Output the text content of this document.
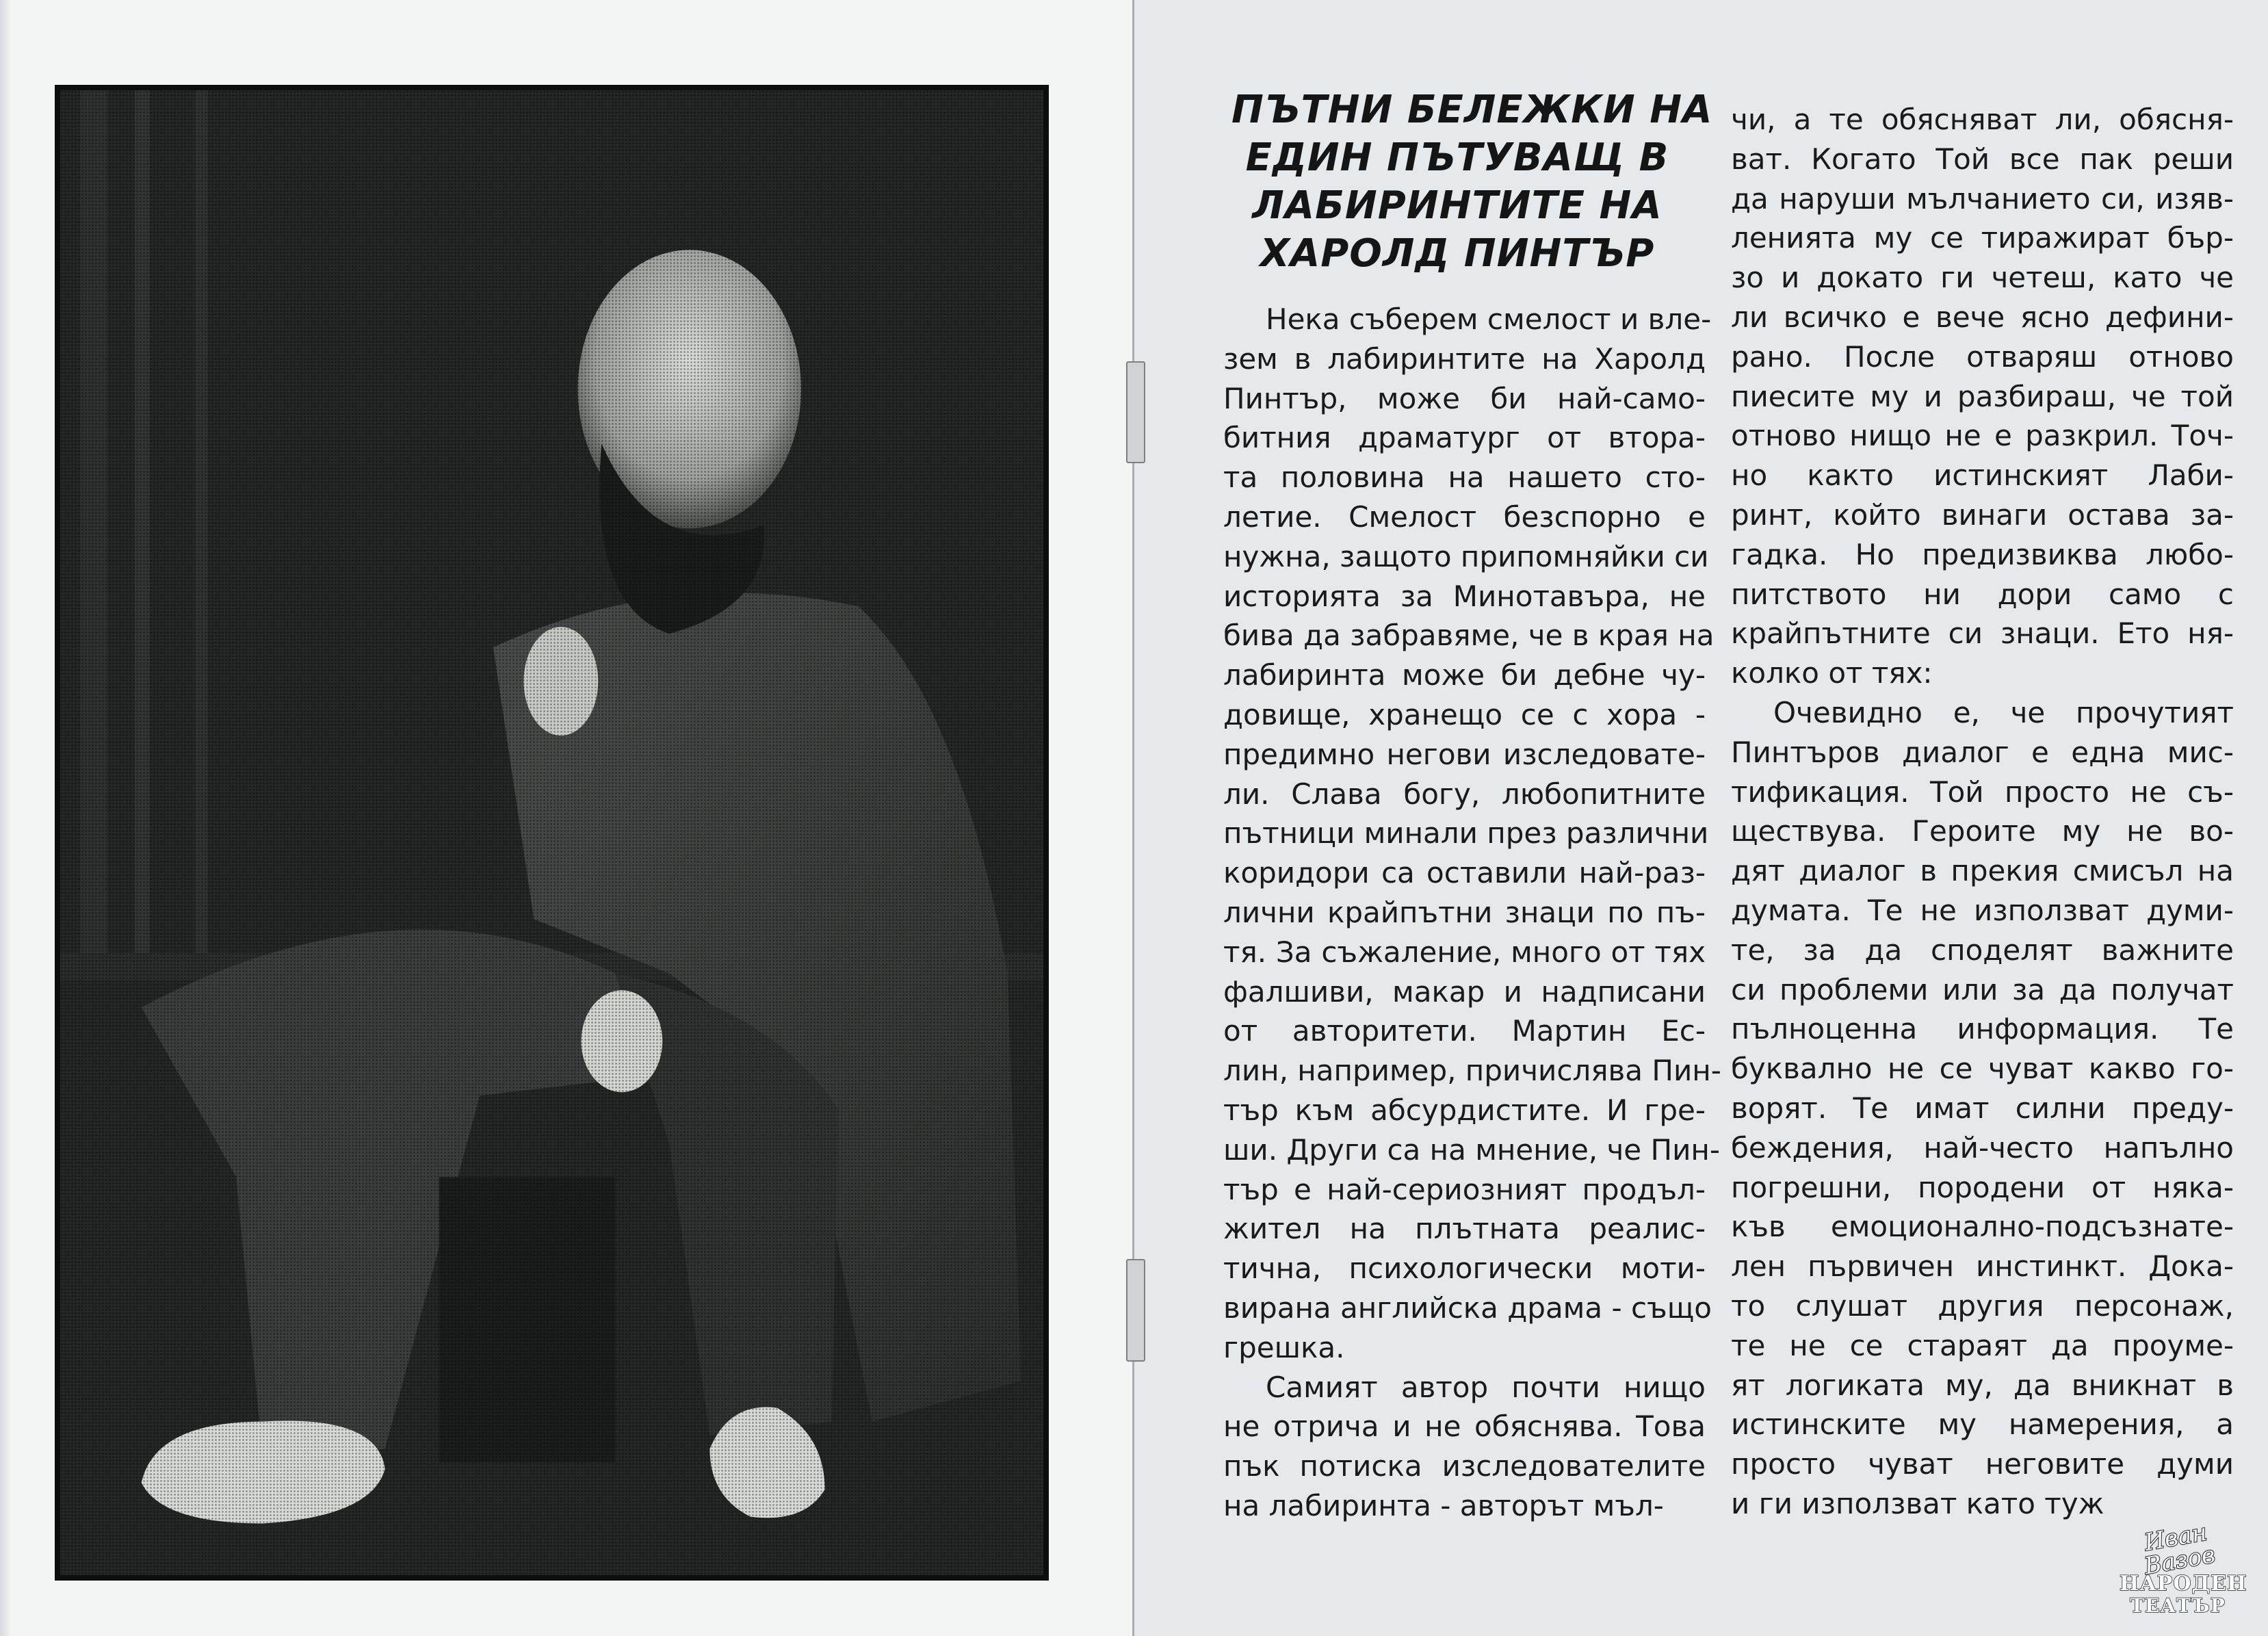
ПЪТНИ БЕЛЕЖКИ НА
ЕДИН ПЪТУВАЩ В
ЛАБИРИНТИТЕ НА
ХАРОЛД ПИНТЪР
Нека съберем смелост и вле-
зем в лабиринтите на Харолд
Пинтър, може би най-само-
битния драматург от втора-
та половина на нашето сто-
летие. Смелост безспорно е
нужна, защото припомняйки си
историята за Минотавъра, не
бива да забравяме, че в края на
лабиринта може би дебне чу-
довище, хранещо се с хора -
предимно негови изследовате-
ли. Слава богу, любопитните
пътници минали през различни
коридори са оставили най-раз-
лични крайпътни знаци по пъ-
тя. За съжаление, много от тях
фалшиви, макар и надписани
от авторитети. Мартин Ес-
лин, например, причислява Пин-
тър към абсурдистите. И гре-
ши. Други са на мнение, че Пин-
тър е най-сериозният продъл-
жител на плътната реалис-
тична, психологически моти-
вирана английска драма - също
грешка.
Самият автор почти нищо
не отрича и не обяснява. Това
пък потиска изследователите
на лабиринта - авторът мъл-
чи, а те обясняват ли, обясня-
ват. Когато Той все пак реши
да наруши мълчанието си, изяв-
ленията му се тиражират бър-
зо и докато ги четеш, като че
ли всичко е вече ясно дефини-
рано. После отваряш отново
пиесите му и разбираш, че той
отново нищо не е разкрил. Точ-
но както истинският Лаби-
ринт, който винаги остава за-
гадка. Но предизвиква любо-
питството ни дори само с
крайпътните си знаци. Ето ня-
колко от тях:
Очевидно е, че прочутият
Пинтъров диалог е една мис-
тификация. Той просто не съ-
ществува. Героите му не во-
дят диалог в прекия смисъл на
думата. Те не използват думи-
те, за да споделят важните
си проблеми или за да получат
пълноценна информация. Те
буквално не се чуват какво го-
ворят. Те имат силни преду-
беждения, най-често напълно
погрешни, породени от някa-
къв емоционално-подсъзнате-
лен първичен инстинкт. Дока-
то слушат другия персонаж,
те не се стараят да проуме-
ят логиката му, да вникнат в
истинските му намерения, а
просто чуват неговите думи
и ги използват като туж
Иван Вазов
НАРОДЕН
ТЕАТЪР
